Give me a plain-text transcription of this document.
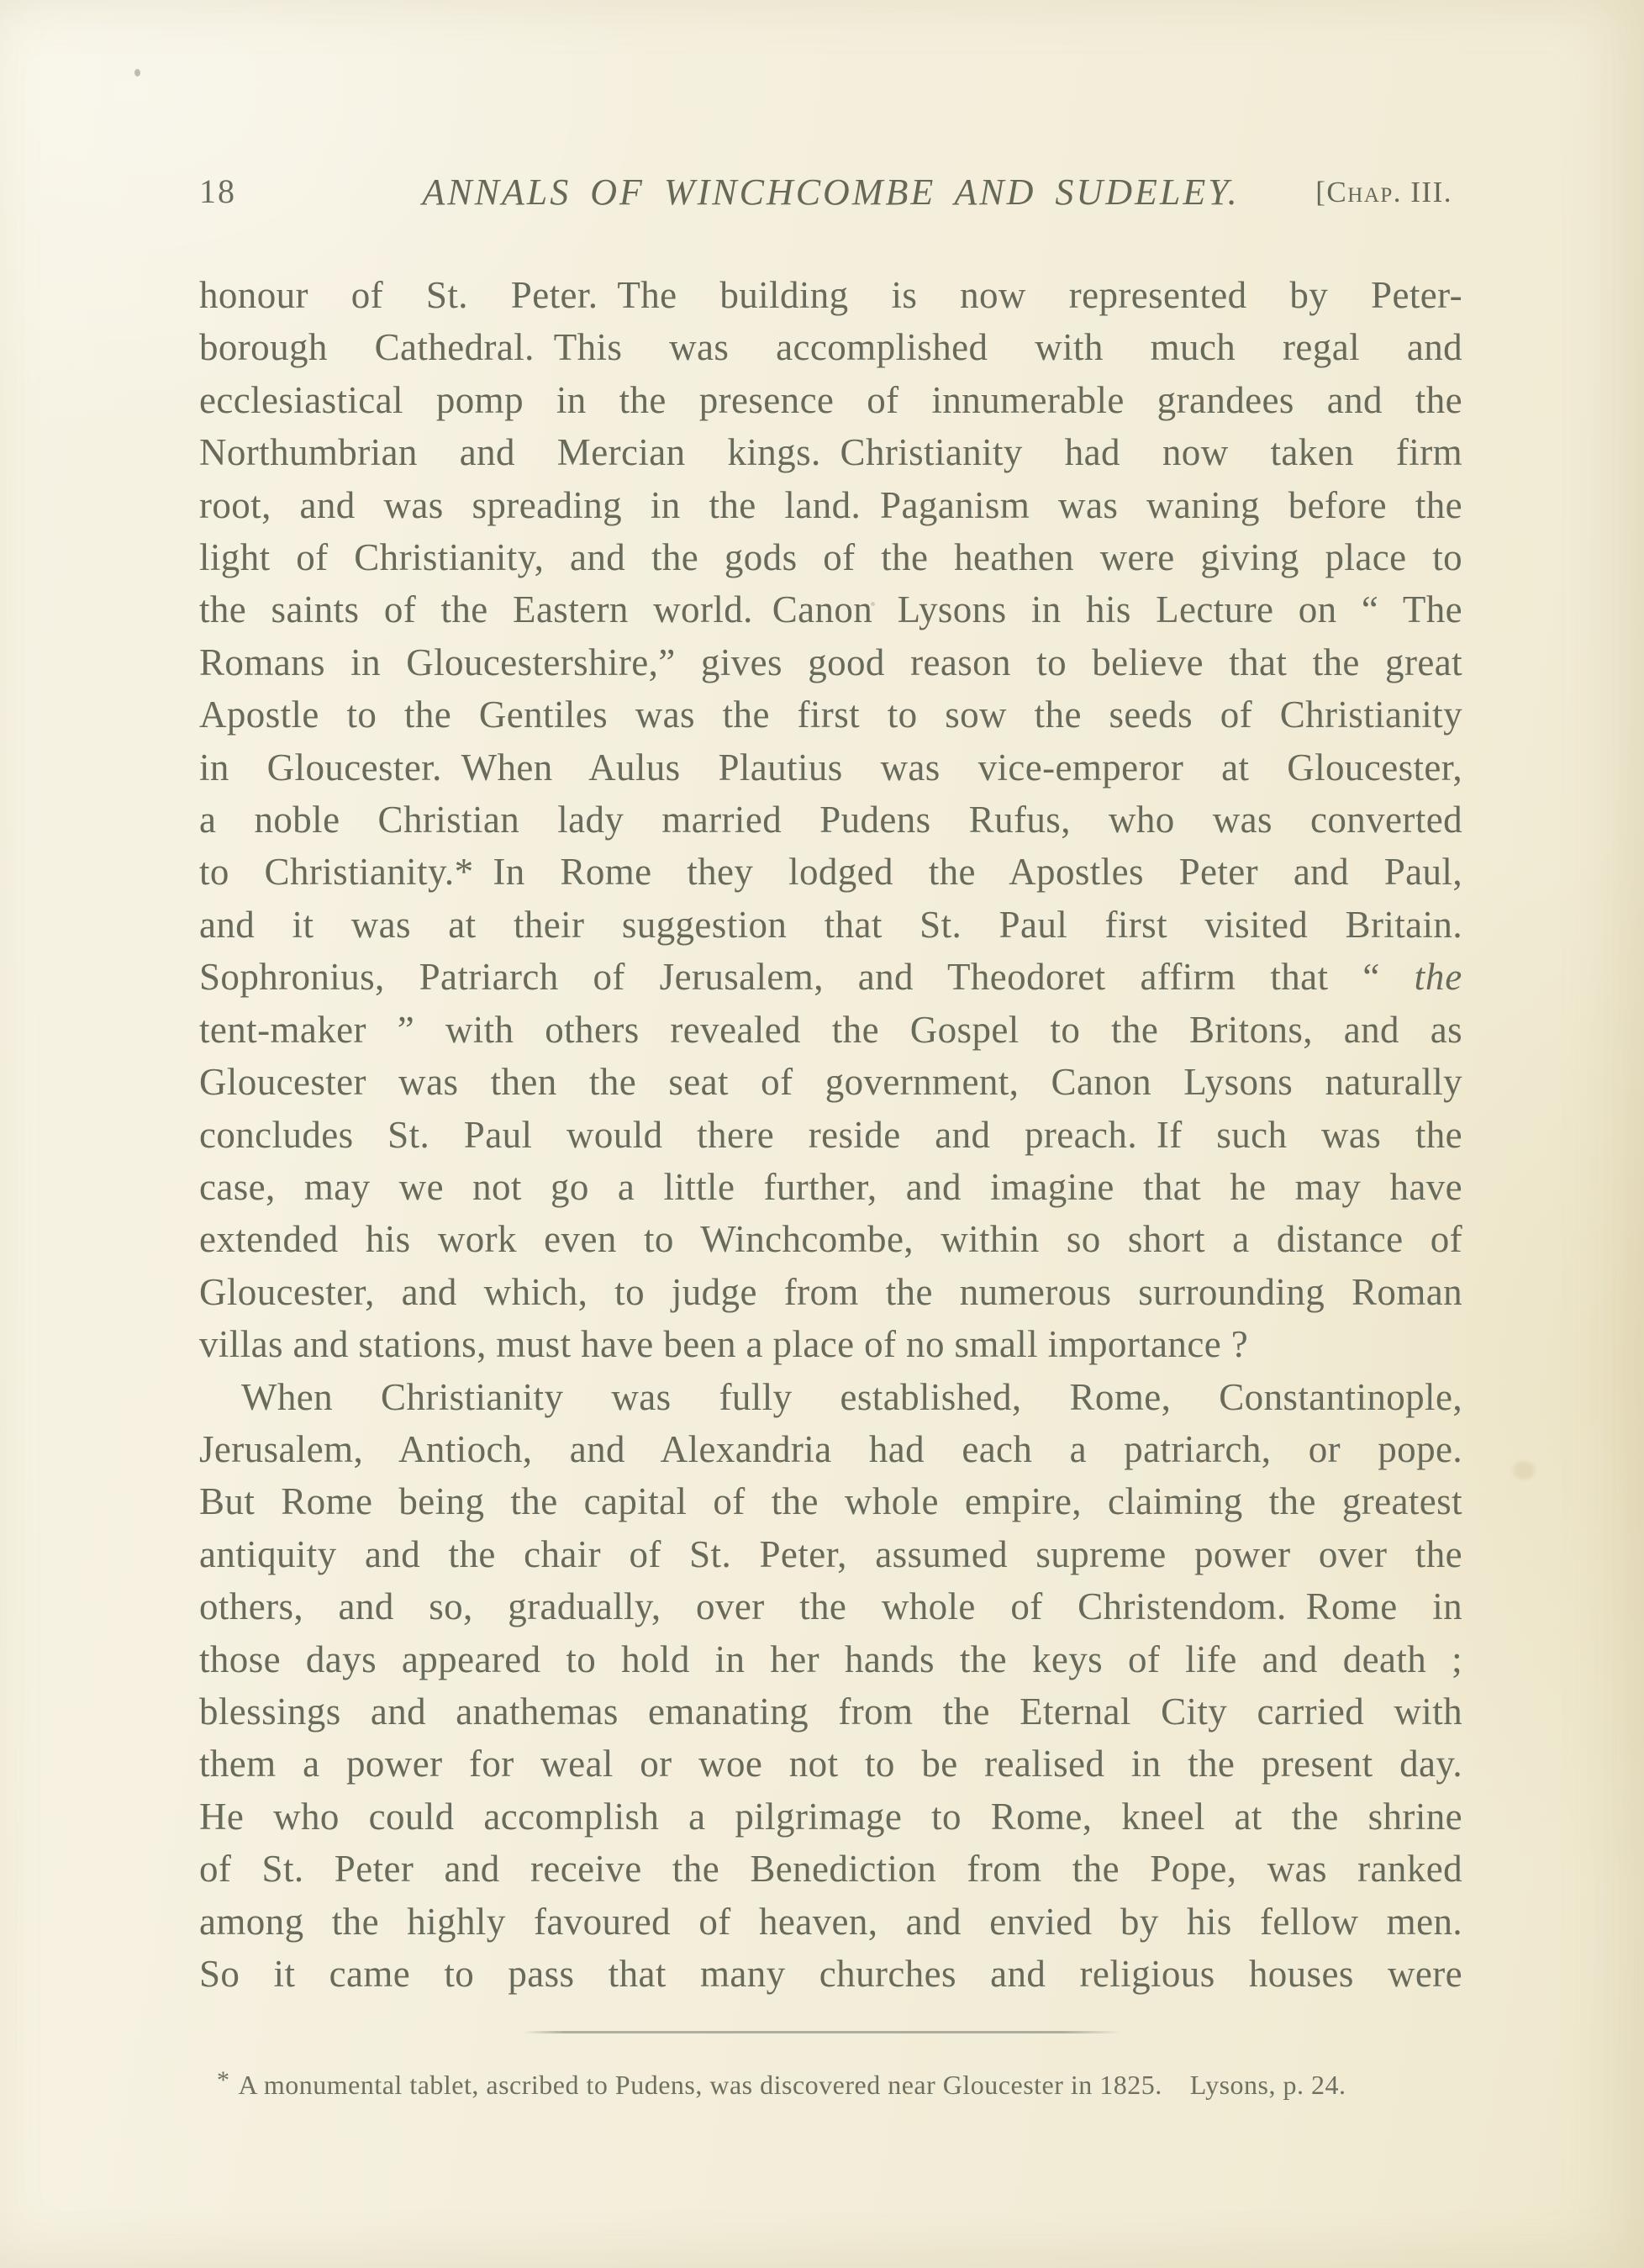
18	ANNALS OF WINCHCOMBE AND SUDELEY.	[Chap. III.
honour of St. Peter. The building is now represented by Peter-
borough Cathedral. This was accomplished with much regal and
ecclesiastical pomp in the presence of innumerable grandees and the
Northumbrian and Mercian kings. Christianity had now taken firm
root, and was spreading in the land. Paganism was waning before the
light of Christianity, and the gods of the heathen were giving place to
the saints of the Eastern world. Canon Lysons in his Lecture on “ The
Romans in Gloucestershire,” gives good reason to believe that the great
Apostle to the Gentiles was the first to sow the seeds of Christianity
in Gloucester. When Aulus Plautius was vice-emperor at Gloucester,
a noble Christian lady married Pudens Rufus, who was converted
to Christianity.* In Rome they lodged the Apostles Peter and Paul,
and it was at their suggestion that St. Paul first visited Britain.
Sophronius, Patriarch of Jerusalem, and Theodoret affirm that “ the
tent-maker ” with others revealed the Gospel to the Britons, and as
Gloucester was then the seat of government, Canon Lysons naturally
concludes St. Paul would there reside and preach. If such was the
case, may we not go a little further, and imagine that he may have
extended his work even to Winchcombe, within so short a distance of
Gloucester, and which, to judge from the numerous surrounding Roman
villas and stations, must have been a place of no small importance ?
When Christianity was fully established, Rome, Constantinople,
Jerusalem, Antioch, and Alexandria had each a patriarch, or pope.
But Rome being the capital of the whole empire, claiming the greatest
antiquity and the chair of St. Peter, assumed supreme power over the
others, and so, gradually, over the whole of Christendom. Rome in
those days appeared to hold in her hands the keys of life and death ;
blessings and anathemas emanating from the Eternal City carried with
them a power for weal or woe not to be realised in the present day.
He who could accomplish a pilgrimage to Rome, kneel at the shrine
of St. Peter and receive the Benediction from the Pope, was ranked
among the highly favoured of heaven, and envied by his fellow men.
So it came to pass that many churches and religious houses were
* A monumental tablet, ascribed to Pudens, was discovered near Gloucester in 1825.  Lysons, p. 24.
